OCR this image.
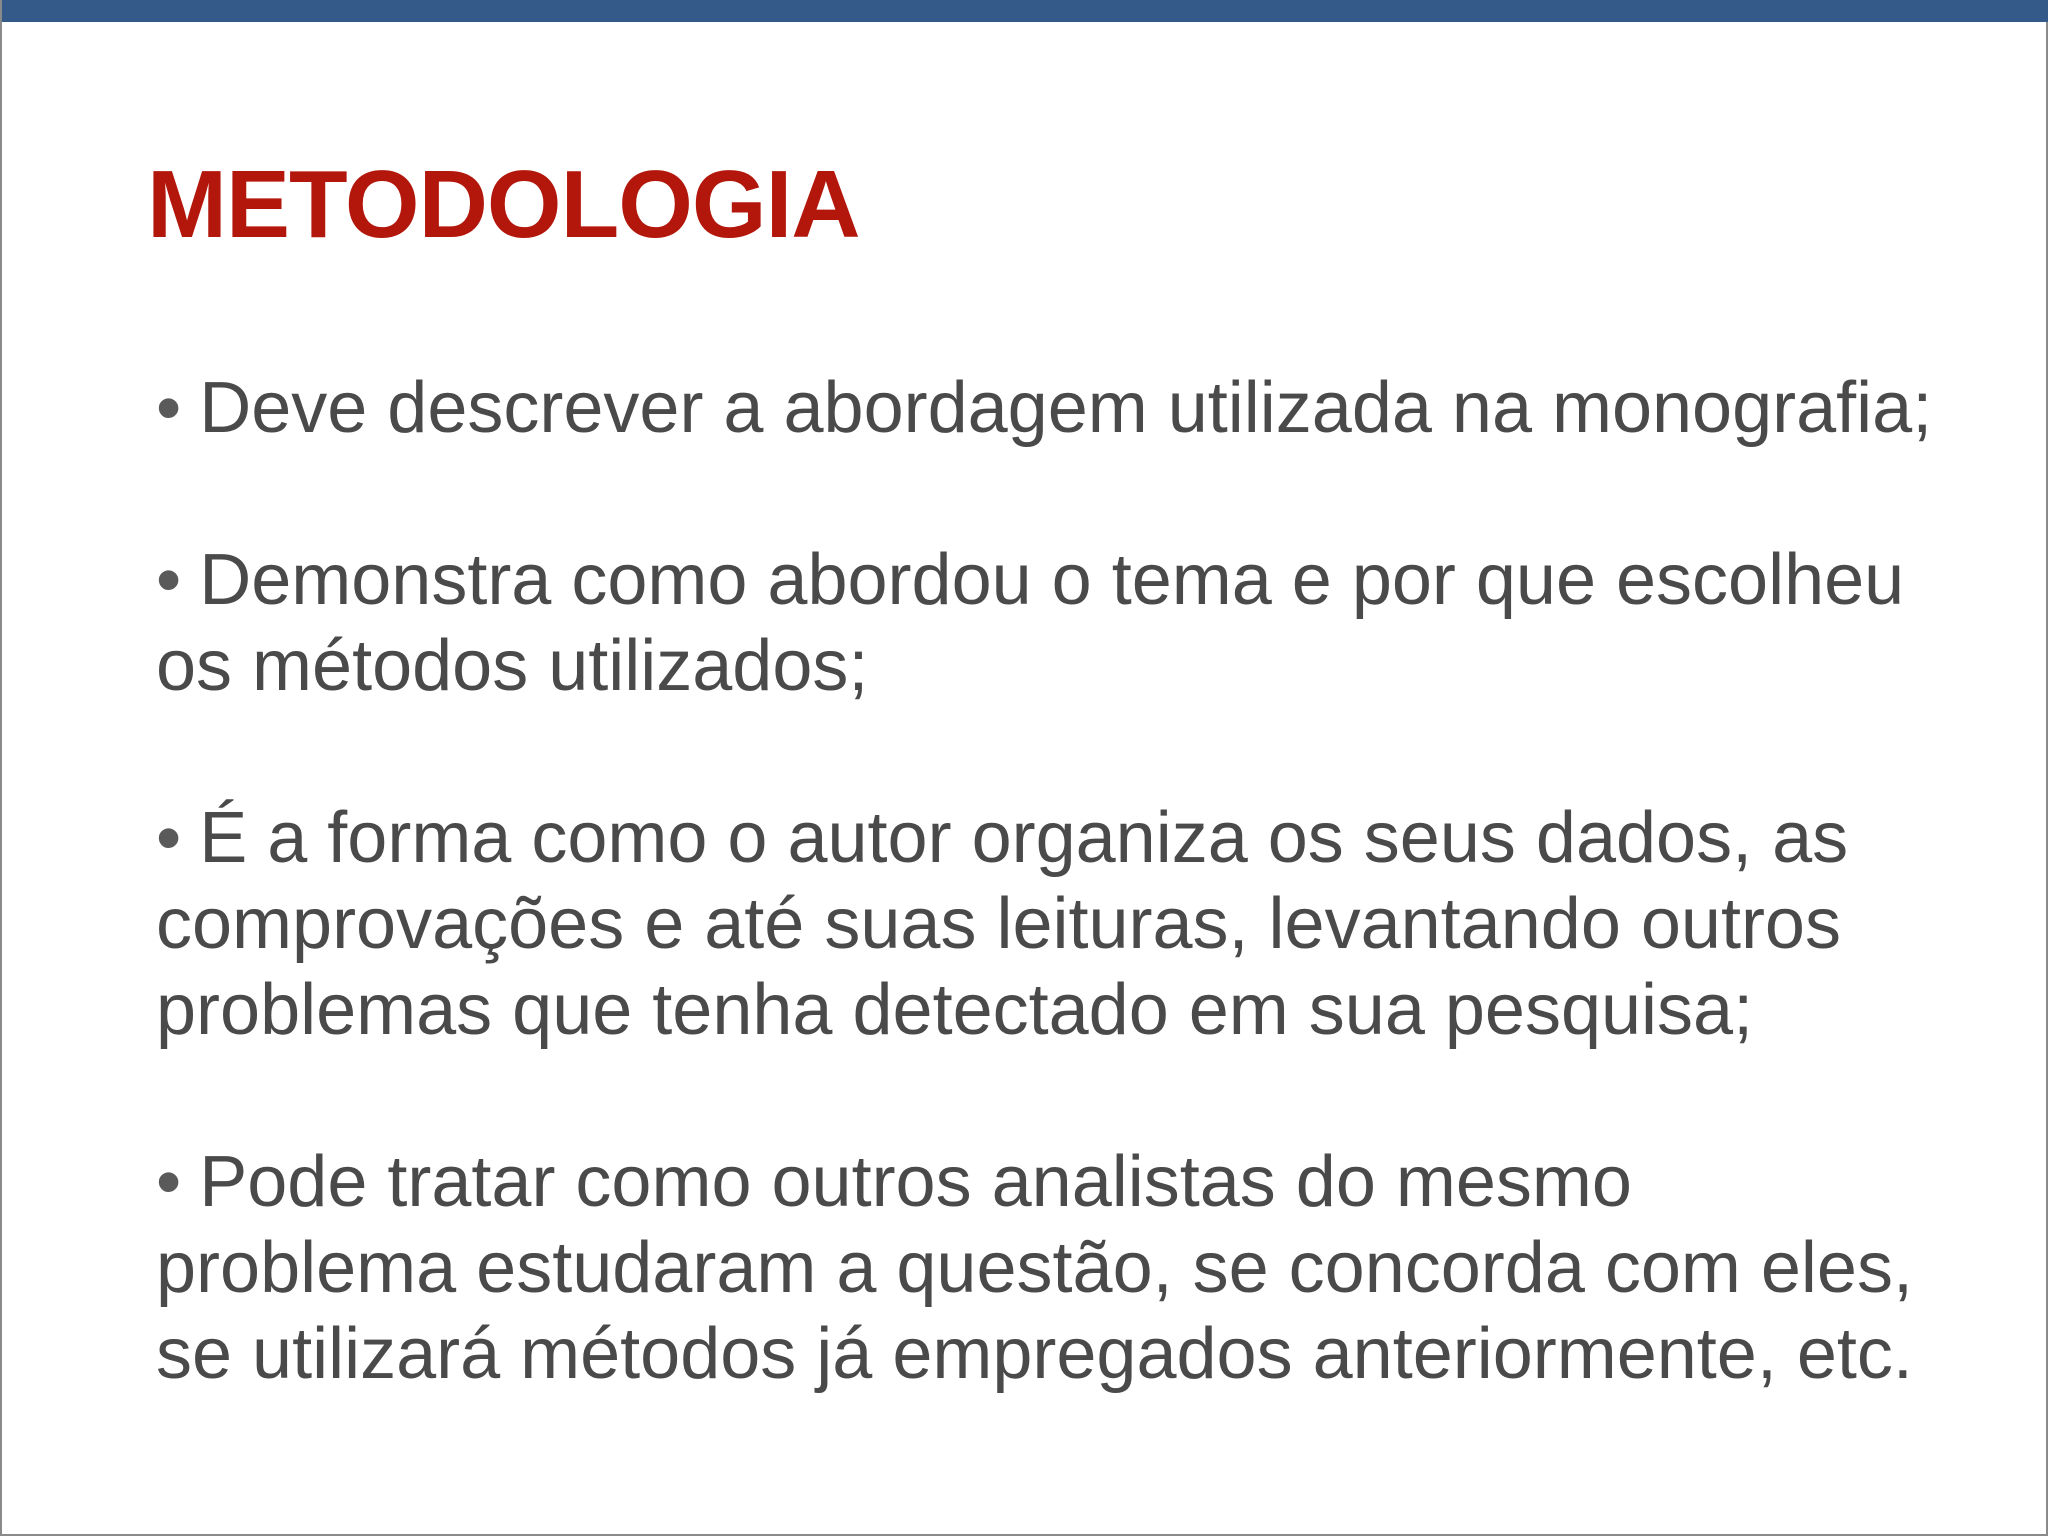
METODOLOGIA
• Deve descrever a abordagem utilizada na monografia;
• Demonstra como abordou o tema e por que escolheu
os métodos utilizados;
• É a forma como o autor organiza os seus dados, as
comprovações e até suas leituras, levantando outros
problemas que tenha detectado em sua pesquisa;
• Pode tratar como outros analistas do mesmo
problema estudaram a questão, se concorda com eles,
se utilizará métodos já empregados anteriormente, etc.
